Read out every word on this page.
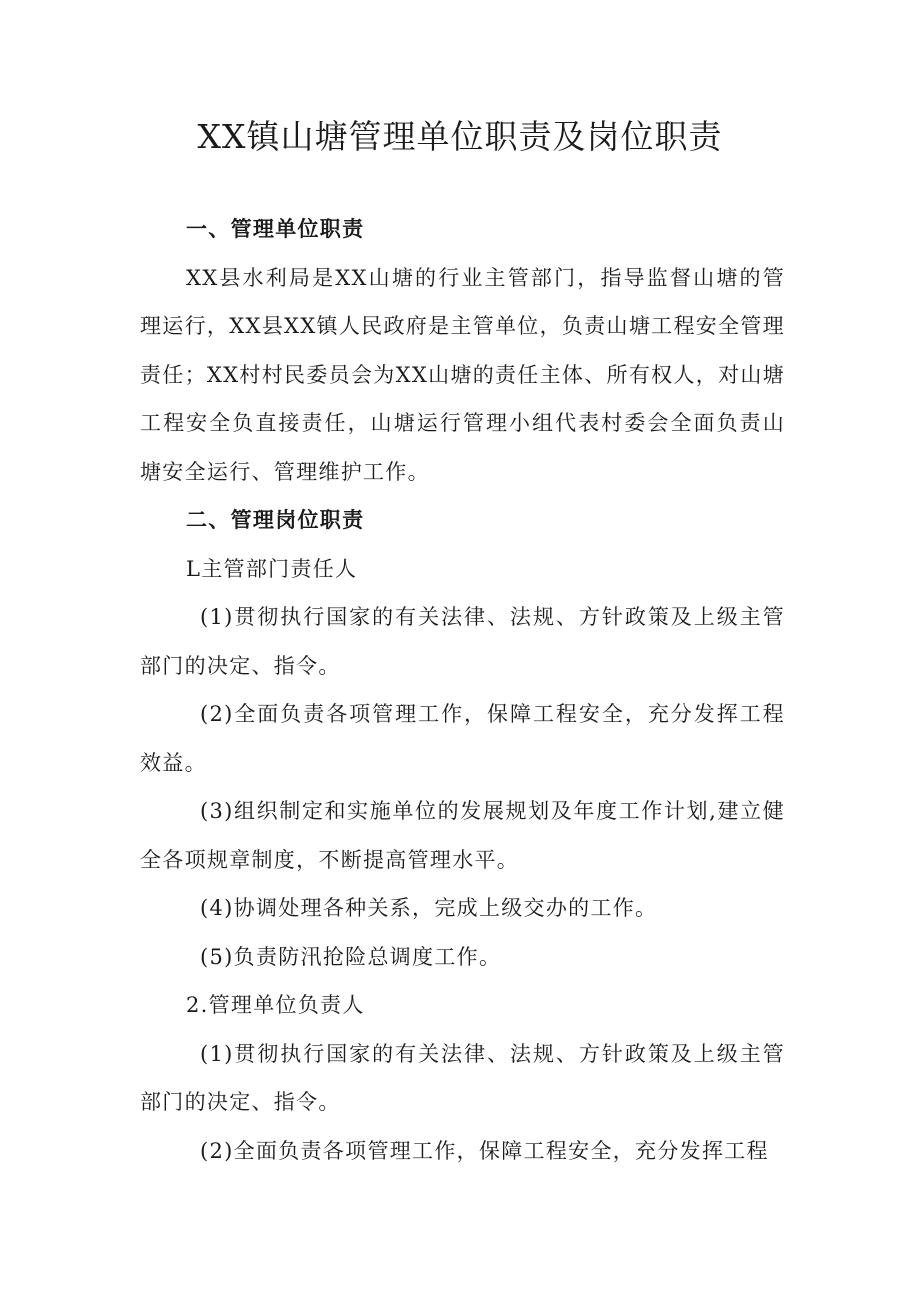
XX镇山塘管理单位职责及岗位职责

一、管理单位职责

XX县水利局是XX山塘的行业主管部门，指导监督山塘的管理运行，XX县XX镇人民政府是主管单位，负责山塘工程安全管理责任；XX村村民委员会为XX山塘的责任主体、所有权人，对山塘工程安全负直接责任，山塘运行管理小组代表村委会全面负责山塘安全运行、管理维护工作。

二、管理岗位职责

L主管部门责任人

(1)贯彻执行国家的有关法律、法规、方针政策及上级主管部门的决定、指令。

(2)全面负责各项管理工作，保障工程安全，充分发挥工程效益。

(3)组织制定和实施单位的发展规划及年度工作计划,建立健全各项规章制度，不断提高管理水平。

(4)协调处理各种关系，完成上级交办的工作。

(5)负责防汛抢险总调度工作。

2.管理单位负责人

(1)贯彻执行国家的有关法律、法规、方针政策及上级主管部门的决定、指令。

(2)全面负责各项管理工作，保障工程安全，充分发挥工程
